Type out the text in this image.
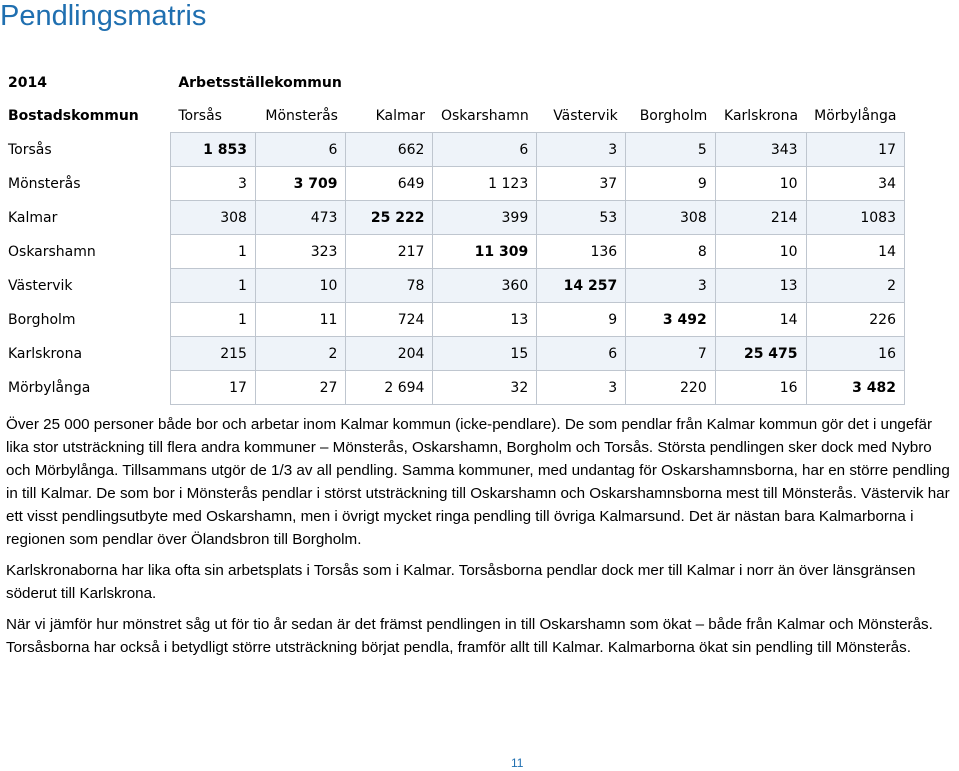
Pendlingsmatris
2014	Arbetsställekommun							
Bostadskommun	Torsås	Mönsterås	Kalmar	Oskarshamn	Västervik	Borgholm	Karlskrona	Mörbylånga
Torsås	1 853	6	662	6	3	5	343	17
Mönsterås	3	3 709	649	1 123	37	9	10	34
Kalmar	308	473	25 222	399	53	308	214	1083
Oskarshamn	1	323	217	11 309	136	8	10	14
Västervik	1	10	78	360	14 257	3	13	2
Borgholm	1	11	724	13	9	3 492	14	226
Karlskrona	215	2	204	15	6	7	25 475	16
Mörbylånga	17	27	2 694	32	3	220	16	3 482

Över 25 000 personer både bor och arbetar inom Kalmar kommun (icke-pendlare). De som pendlar från Kalmar kommun gör det i ungefär lika stor utsträckning till flera andra kommuner – Mönsterås, Oskarshamn, Borgholm och Torsås. Största pendlingen sker dock med Nybro och Mörbylånga. Tillsammans utgör de 1/3 av all pendling. Samma kommuner, med undantag för Oskarshamnsborna, har en större pendling in till Kalmar. De som bor i Mönsterås pendlar i störst utsträckning till Oskarshamn och Oskarshamnsborna mest till Mönsterås. Västervik har ett visst pendlingsutbyte med Oskarshamn, men i övrigt mycket ringa pendling till övriga Kalmarsund. Det är nästan bara Kalmarborna i regionen som pendlar över Ölandsbron till Borgholm.

Karlskronaborna har lika ofta sin arbetsplats i Torsås som i Kalmar. Torsåsborna pendlar dock mer till Kalmar i norr än över länsgränsen söderut till Karlskrona.

När vi jämför hur mönstret såg ut för tio år sedan är det främst pendlingen in till Oskarshamn som ökat – både från Kalmar och Mönsterås. Torsåsborna har också i betydligt större utsträckning börjat pendla, framför allt till Kalmar. Kalmarborna ökat sin pendling till Mönsterås.

11
